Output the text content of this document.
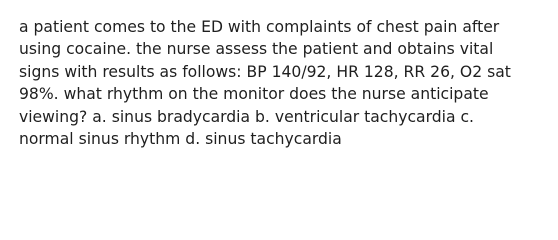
a patient comes to the ED with complaints of chest pain after
using cocaine. the nurse assess the patient and obtains vital
signs with results as follows: BP 140/92, HR 128, RR 26, O2 sat
98%. what rhythm on the monitor does the nurse anticipate
viewing? a. sinus bradycardia b. ventricular tachycardia c.
normal sinus rhythm d. sinus tachycardia
